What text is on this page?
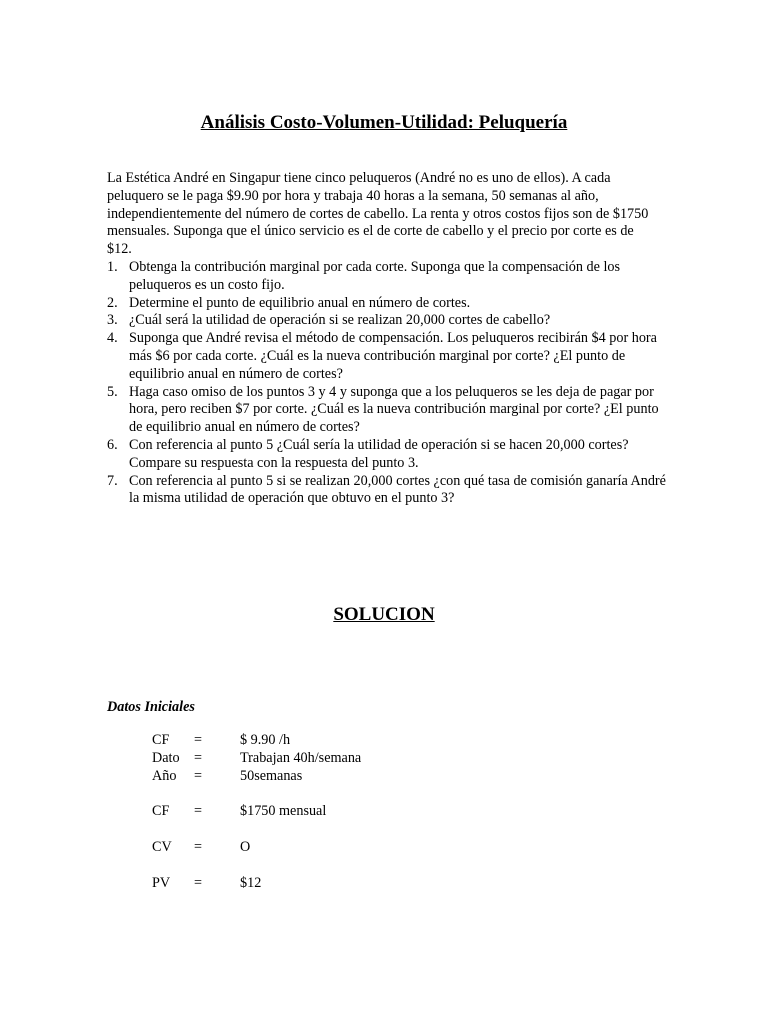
Análisis Costo-Volumen-Utilidad: Peluquería

La Estética André en Singapur tiene cinco peluqueros (André no es uno de ellos). A cada peluquero se le paga $9.90 por hora y trabaja 40 horas a la semana, 50 semanas al año, independientemente del número de cortes de cabello. La renta y otros costos fijos son de $1750 mensuales. Suponga que el único servicio es el de corte de cabello y el precio por corte es de $12.

1. Obtenga la contribución marginal por cada corte. Suponga que la compensación de los peluqueros es un costo fijo.
2. Determine el punto de equilibrio anual en número de cortes.
3. ¿Cuál será la utilidad de operación si se realizan 20,000 cortes de cabello?
4. Suponga que André revisa el método de compensación. Los peluqueros recibirán $4 por hora más $6 por cada corte. ¿Cuál es la nueva contribución marginal por corte? ¿El punto de equilibrio anual en número de cortes?
5. Haga caso omiso de los puntos 3 y 4 y suponga que a los peluqueros se les deja de pagar por hora, pero reciben $7 por corte. ¿Cuál es la nueva contribución marginal por corte? ¿El punto de equilibrio anual en número de cortes?
6. Con referencia al punto 5 ¿Cuál sería la utilidad de operación si se hacen 20,000 cortes? Compare su respuesta con la respuesta del punto 3.
7. Con referencia al punto 5 si se realizan 20,000 cortes ¿con qué tasa de comisión ganaría André la misma utilidad de operación que obtuvo en el punto 3?
SOLUCION
Datos Iniciales
CF =	$ 9.90 /h
Dato =	Trabajan 40h/semana
Año =	50semanas
CF =	$1750 mensual
CV =	O
PV =	$12
